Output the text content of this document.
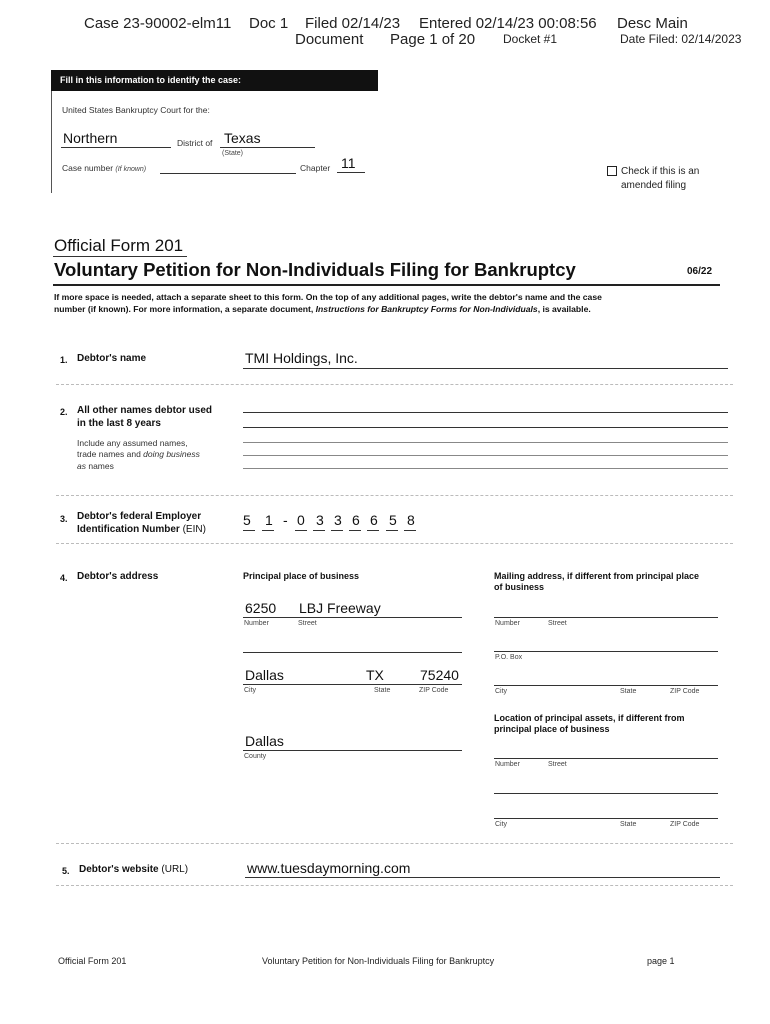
Case 23-90002-elm11 Doc 1 Filed 02/14/23 Entered 02/14/23 00:08:56 Desc Main
Document Page 1 of 20 Docket #1	Date Filed: 02/14/2023
Fill in this information to identify the case:
United States Bankruptcy Court for the:
Northern	District of Texas
(State)
Case number (If known)	Chapter 11
Check if this is an
amended filing
Official Form 201
Voluntary Petition for Non-Individuals Filing for Bankruptcy	06/22
If more space is needed, attach a separate sheet to this form. On the top of any additional pages, write the debtor's name and the case
number (if known). For more information, a separate document, Instructions for Bankruptcy Forms for Non-Individuals, is available.
1. Debtor's name	TMI Holdings, Inc.
2. All other names debtor used
in the last 8 years
Include any assumed names,
trade names and doing business
as names
3. Debtor's federal Employer
Identification Number (EIN)
5 1 - 0 3 3 6 6 5 8
4. Debtor's address	Principal place of business
6250 LBJ Freeway
Number	Street
Dallas	TX	75240
City	State	ZIP Code
Dallas
County
Mailing address, if different from principal place
of business
Number	Street
P.O. Box
City	State	ZIP Code
Location of principal assets, if different from
principal place of business
Number	Street
City	State	ZIP Code
5. Debtor's website (URL)	www.tuesdaymorning.com
Official Form 201	Voluntary Petition for Non-Individuals Filing for Bankruptcy	page 1
